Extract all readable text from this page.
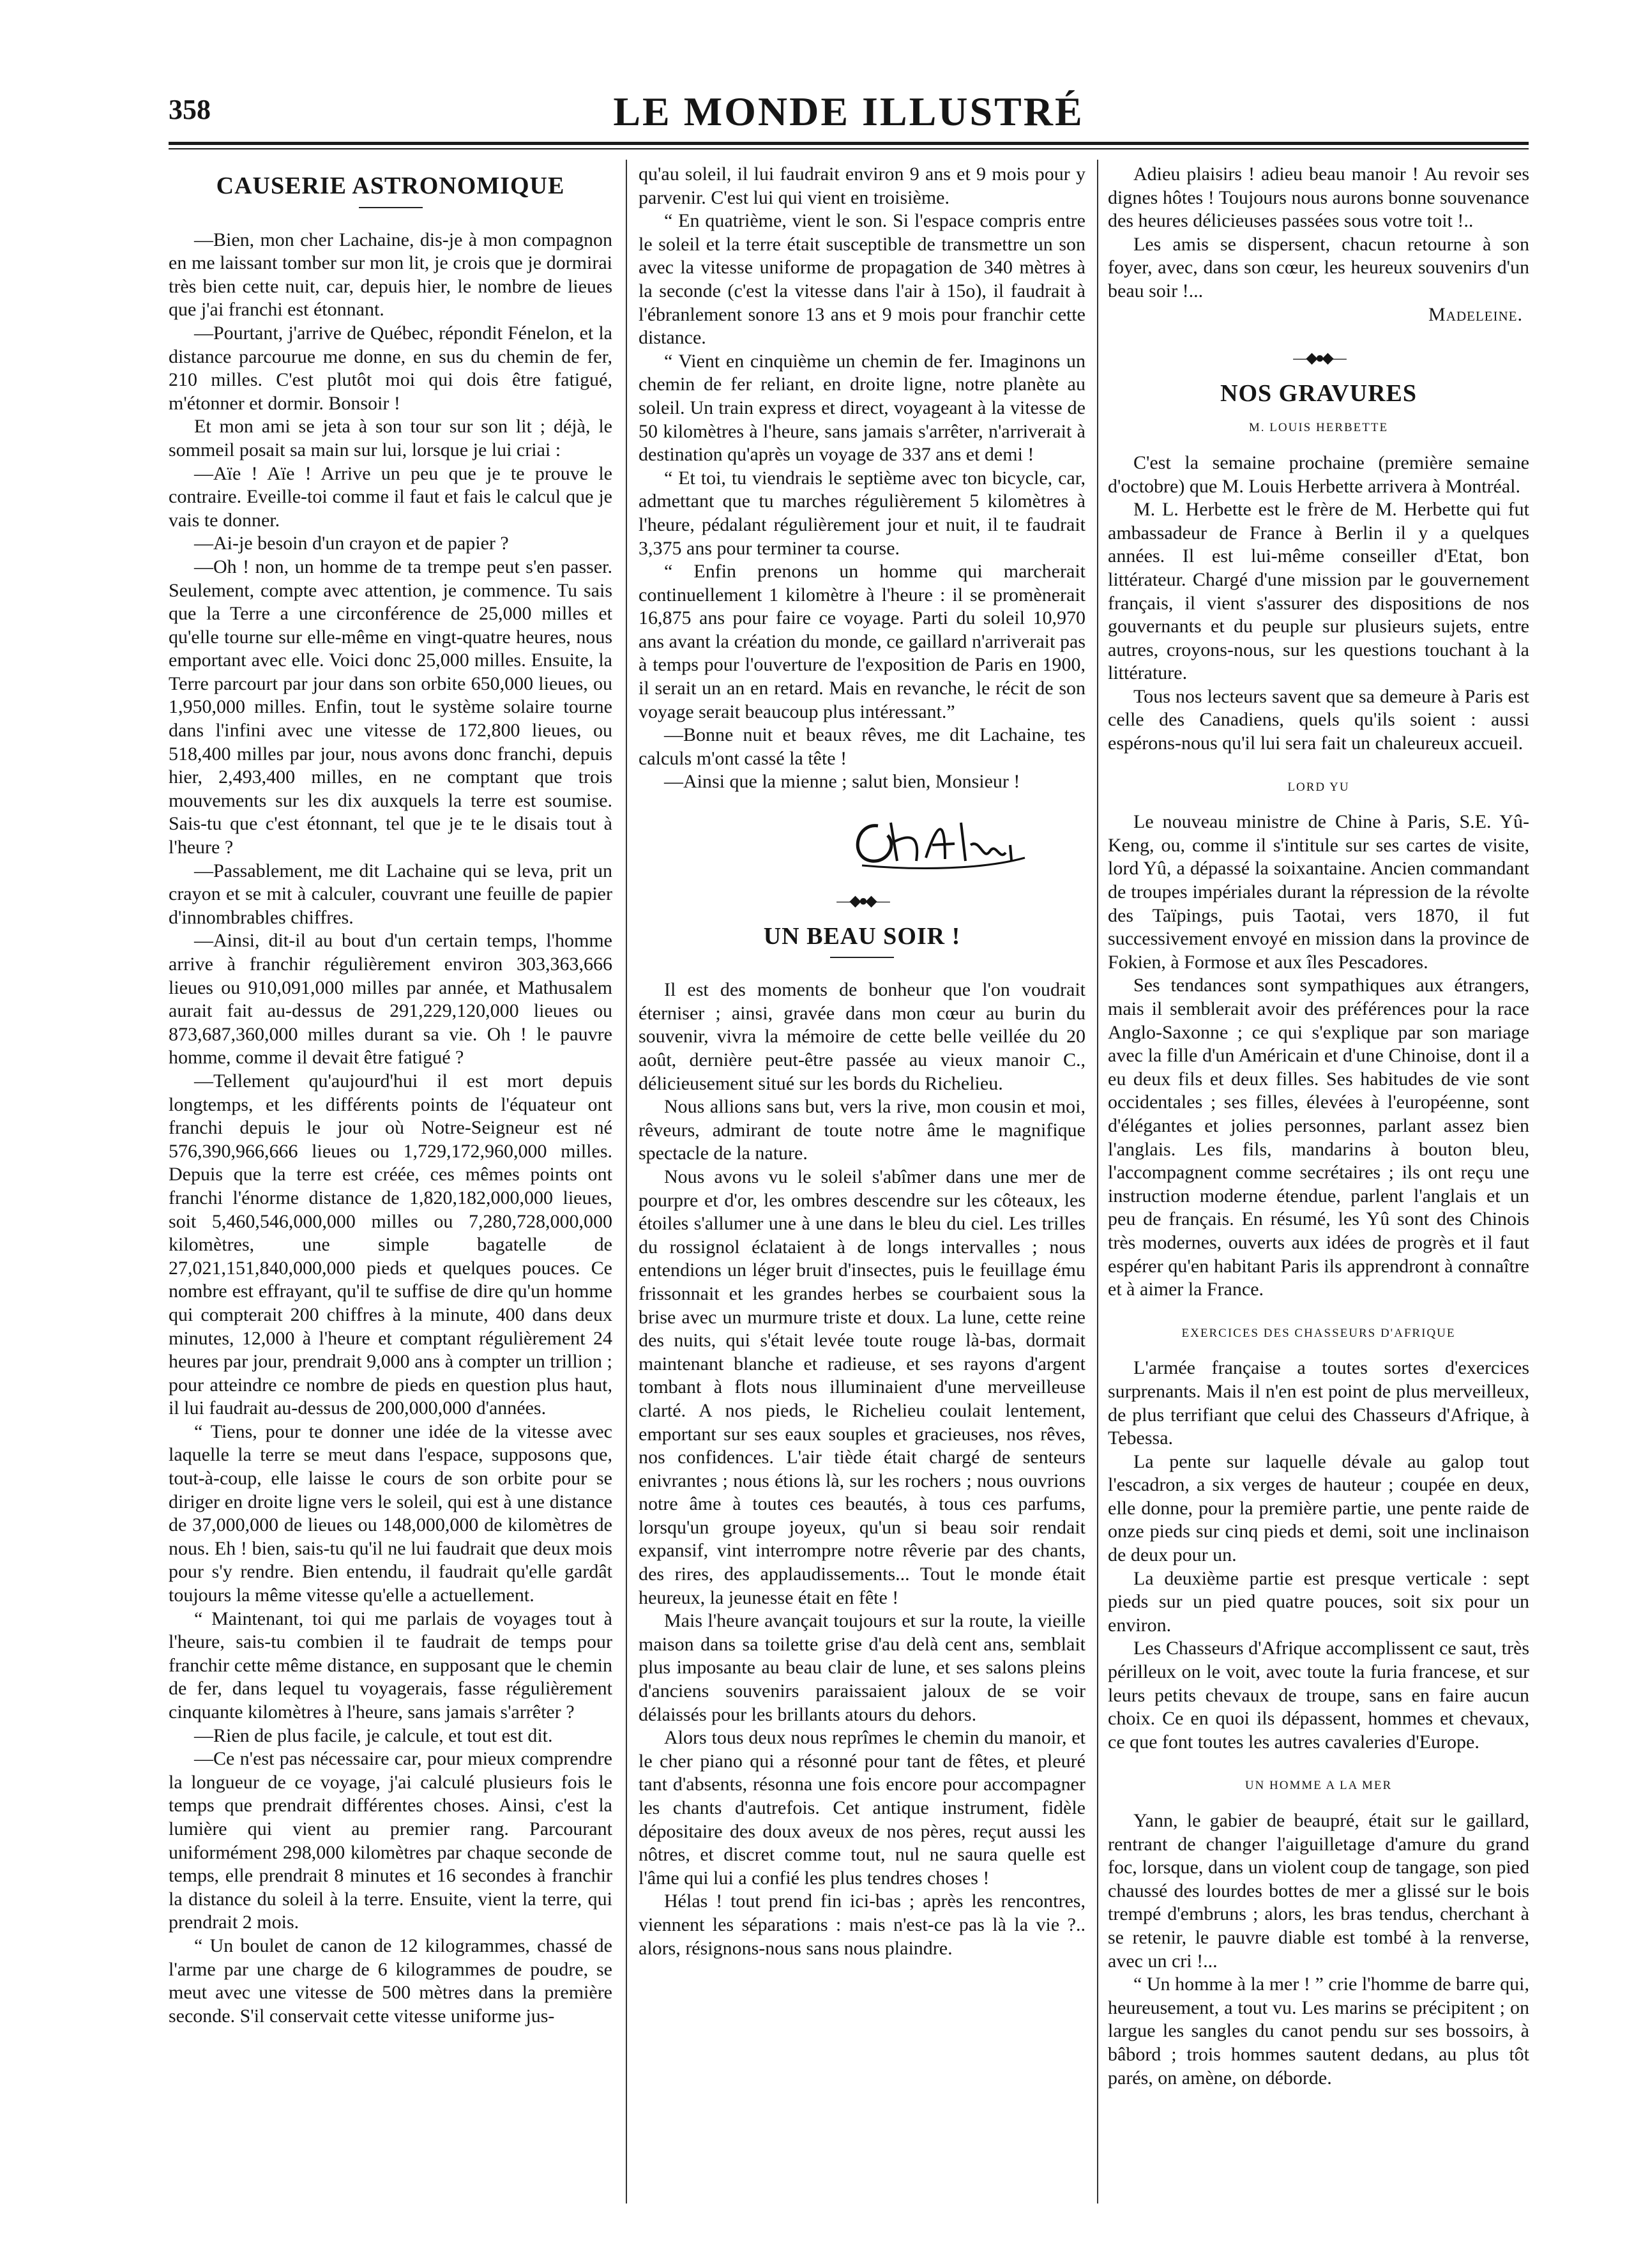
358	LE MONDE ILLUSTRÉ
CAUSERIE ASTRONOMIQUE

—Bien, mon cher Lachaine, dis-je à mon compagnon en me laissant tomber sur mon lit, je crois que je dormirai très bien cette nuit, car, depuis hier, le nombre de lieues que j'ai franchi est étonnant.

—Pourtant, j'arrive de Québec, répondit Fénelon, et la distance parcourue me donne, en sus du chemin de fer, 210 milles. C'est plutôt moi qui dois être fatigué, m'étonner et dormir. Bonsoir !

Et mon ami se jeta à son tour sur son lit ; déjà, le sommeil posait sa main sur lui, lorsque je lui criai :

—Aïe ! Aïe ! Arrive un peu que je te prouve le contraire. Eveille-toi comme il faut et fais le calcul que je vais te donner.

—Ai-je besoin d'un crayon et de papier ?

—Oh ! non, un homme de ta trempe peut s'en passer. Seulement, compte avec attention, je commence. Tu sais que la Terre a une circonférence de 25,000 milles et qu'elle tourne sur elle-même en vingt-quatre heures, nous emportant avec elle. Voici donc 25,000 milles. Ensuite, la Terre parcourt par jour dans son orbite 650,000 lieues, ou 1,950,000 milles. Enfin, tout le système solaire tourne dans l'infini avec une vitesse de 172,800 lieues, ou 518,400 milles par jour, nous avons donc franchi, depuis hier, 2,493,400 milles, en ne comptant que trois mouvements sur les dix auxquels la terre est soumise. Sais-tu que c'est étonnant, tel que je te le disais tout à l'heure ?

—Passablement, me dit Lachaine qui se leva, prit un crayon et se mit à calculer, couvrant une feuille de papier d'innombrables chiffres.

—Ainsi, dit-il au bout d'un certain temps, l'homme arrive à franchir régulièrement environ 303,363,666 lieues ou 910,091,000 milles par année, et Mathusalem aurait fait au-dessus de 291,229,120,000 lieues ou 873,687,360,000 milles durant sa vie. Oh ! le pauvre homme, comme il devait être fatigué ?

—Tellement qu'aujourd'hui il est mort depuis longtemps, et les différents points de l'équateur ont franchi depuis le jour où Notre-Seigneur est né 576,390,966,666 lieues ou 1,729,172,960,000 milles. Depuis que la terre est créée, ces mêmes points ont franchi l'énorme distance de 1,820,182,000,000 lieues, soit 5,460,546,000,000 milles ou 7,280,728,000,000 kilomètres, une simple bagatelle de 27,021,151,840,000,000 pieds et quelques pouces. Ce nombre est effrayant, qu'il te suffise de dire qu'un homme qui compterait 200 chiffres à la minute, 400 dans deux minutes, 12,000 à l'heure et comptant régulièrement 24 heures par jour, prendrait 9,000 ans à compter un trillion ; pour atteindre ce nombre de pieds en question plus haut, il lui faudrait au-dessus de 200,000,000 d'années.

“ Tiens, pour te donner une idée de la vitesse avec laquelle la terre se meut dans l'espace, supposons que, tout-à-coup, elle laisse le cours de son orbite pour se diriger en droite ligne vers le soleil, qui est à une distance de 37,000,000 de lieues ou 148,000,000 de kilomètres de nous. Eh ! bien, sais-tu qu'il ne lui faudrait que deux mois pour s'y rendre. Bien entendu, il faudrait qu'elle gardât toujours la même vitesse qu'elle a actuellement.

“ Maintenant, toi qui me parlais de voyages tout à l'heure, sais-tu combien il te faudrait de temps pour franchir cette même distance, en supposant que le chemin de fer, dans lequel tu voyagerais, fasse régulièrement cinquante kilomètres à l'heure, sans jamais s'arrêter ?

—Rien de plus facile, je calcule, et tout est dit.

—Ce n'est pas nécessaire car, pour mieux comprendre la longueur de ce voyage, j'ai calculé plusieurs fois le temps que prendrait différentes choses. Ainsi, c'est la lumière qui vient au premier rang. Parcourant uniformément 298,000 kilomètres par chaque seconde de temps, elle prendrait 8 minutes et 16 secondes à franchir la distance du soleil à la terre. Ensuite, vient la terre, qui prendrait 2 mois.

“ Un boulet de canon de 12 kilogrammes, chassé de l'arme par une charge de 6 kilogrammes de poudre, se meut avec une vitesse de 500 mètres dans la première seconde. S'il conservait cette vitesse uniforme jus-

qu'au soleil, il lui faudrait environ 9 ans et 9 mois pour y parvenir. C'est lui qui vient en troisième.

“ En quatrième, vient le son. Si l'espace compris entre le soleil et la terre était susceptible de transmettre un son avec la vitesse uniforme de propagation de 340 mètres à la seconde (c'est la vitesse dans l'air à 15o), il faudrait à l'ébranlement sonore 13 ans et 9 mois pour franchir cette distance.

“ Vient en cinquième un chemin de fer. Imaginons un chemin de fer reliant, en droite ligne, notre planète au soleil. Un train express et direct, voyageant à la vitesse de 50 kilomètres à l'heure, sans jamais s'arrêter, n'arriverait à destination qu'après un voyage de 337 ans et demi !

“ Et toi, tu viendrais le septième avec ton bicycle, car, admettant que tu marches régulièrement 5 kilomètres à l'heure, pédalant régulièrement jour et nuit, il te faudrait 3,375 ans pour terminer ta course.

“ Enfin prenons un homme qui marcherait continuellement 1 kilomètre à l'heure : il se promènerait 16,875 ans pour faire ce voyage. Parti du soleil 10,970 ans avant la création du monde, ce gaillard n'arriverait pas à temps pour l'ouverture de l'exposition de Paris en 1900, il serait un an en retard. Mais en revanche, le récit de son voyage serait beaucoup plus intéressant.”

—Bonne nuit et beaux rêves, me dit Lachaine, tes calculs m'ont cassé la tête !

—Ainsi que la mienne ; salut bien, Monsieur !

—◆●◆—
UN BEAU SOIR !

Il est des moments de bonheur que l'on voudrait éterniser ; ainsi, gravée dans mon cœur au burin du souvenir, vivra la mémoire de cette belle veillée du 20 août, dernière peut-être passée au vieux manoir C., délicieusement situé sur les bords du Richelieu.

Nous allions sans but, vers la rive, mon cousin et moi, rêveurs, admirant de toute notre âme le magnifique spectacle de la nature.

Nous avons vu le soleil s'abîmer dans une mer de pourpre et d'or, les ombres descendre sur les côteaux, les étoiles s'allumer une à une dans le bleu du ciel. Les trilles du rossignol éclataient à de longs intervalles ; nous entendions un léger bruit d'insectes, puis le feuillage ému frissonnait et les grandes herbes se courbaient sous la brise avec un murmure triste et doux. La lune, cette reine des nuits, qui s'était levée toute rouge là-bas, dormait maintenant blanche et radieuse, et ses rayons d'argent tombant à flots nous illuminaient d'une merveilleuse clarté. A nos pieds, le Richelieu coulait lentement, emportant sur ses eaux souples et gracieuses, nos rêves, nos confidences. L'air tiède était chargé de senteurs enivrantes ; nous étions là, sur les rochers ; nous ouvrions notre âme à toutes ces beautés, à tous ces parfums, lorsqu'un groupe joyeux, qu'un si beau soir rendait expansif, vint interrompre notre rêverie par des chants, des rires, des applaudissements... Tout le monde était heureux, la jeunesse était en fête !

Mais l'heure avançait toujours et sur la route, la vieille maison dans sa toilette grise d'au delà cent ans, semblait plus imposante au beau clair de lune, et ses salons pleins d'anciens souvenirs paraissaient jaloux de se voir délaissés pour les brillants atours du dehors.

Alors tous deux nous reprîmes le chemin du manoir, et le cher piano qui a résonné pour tant de fêtes, et pleuré tant d'absents, résonna une fois encore pour accompagner les chants d'autrefois. Cet antique instrument, fidèle dépositaire des doux aveux de nos pères, reçut aussi les nôtres, et discret comme tout, nul ne saura quelle est l'âme qui lui a confié les plus tendres choses !

Hélas ! tout prend fin ici-bas ; après les rencontres, viennent les séparations : mais n'est-ce pas là la vie ?.. alors, résignons-nous sans nous plaindre.

Adieu plaisirs ! adieu beau manoir ! Au revoir ses dignes hôtes ! Toujours nous aurons bonne souvenance des heures délicieuses passées sous votre toit !..

Les amis se dispersent, chacun retourne à son foyer, avec, dans son cœur, les heureux souvenirs d'un beau soir !...

Madeleine.
—◆●◆—
NOS GRAVURES
M. LOUIS HERBETTE

C'est la semaine prochaine (première semaine d'octobre) que M. Louis Herbette arrivera à Montréal.

M. L. Herbette est le frère de M. Herbette qui fut ambassadeur de France à Berlin il y a quelques années. Il est lui-même conseiller d'Etat, bon littérateur. Chargé d'une mission par le gouvernement français, il vient s'assurer des dispositions de nos gouvernants et du peuple sur plusieurs sujets, entre autres, croyons-nous, sur les questions touchant à la littérature.

Tous nos lecteurs savent que sa demeure à Paris est celle des Canadiens, quels qu'ils soient : aussi espérons-nous qu'il lui sera fait un chaleureux accueil.

LORD YU

Le nouveau ministre de Chine à Paris, S.E. Yû-Keng, ou, comme il s'intitule sur ses cartes de visite, lord Yû, a dépassé la soixantaine. Ancien commandant de troupes impériales durant la répression de la révolte des Taïpings, puis Taotai, vers 1870, il fut successivement envoyé en mission dans la province de Fokien, à Formose et aux îles Pescadores.

Ses tendances sont sympathiques aux étrangers, mais il semblerait avoir des préférences pour la race Anglo-Saxonne ; ce qui s'explique par son mariage avec la fille d'un Américain et d'une Chinoise, dont il a eu deux fils et deux filles. Ses habitudes de vie sont occidentales ; ses filles, élevées à l'européenne, sont d'élégantes et jolies personnes, parlant assez bien l'anglais. Les fils, mandarins à bouton bleu, l'accompagnent comme secrétaires ; ils ont reçu une instruction moderne étendue, parlent l'anglais et un peu de français. En résumé, les Yû sont des Chinois très modernes, ouverts aux idées de progrès et il faut espérer qu'en habitant Paris ils apprendront à connaître et à aimer la France.

EXERCICES DES CHASSEURS D'AFRIQUE

L'armée française a toutes sortes d'exercices surprenants. Mais il n'en est point de plus merveilleux, de plus terrifiant que celui des Chasseurs d'Afrique, à Tebessa.

La pente sur laquelle dévale au galop tout l'escadron, a six verges de hauteur ; coupée en deux, elle donne, pour la première partie, une pente raide de onze pieds sur cinq pieds et demi, soit une inclinaison de deux pour un.

La deuxième partie est presque verticale : sept pieds sur un pied quatre pouces, soit six pour un environ.

Les Chasseurs d'Afrique accomplissent ce saut, très périlleux on le voit, avec toute la furia francese, et sur leurs petits chevaux de troupe, sans en faire aucun choix. Ce en quoi ils dépassent, hommes et chevaux, ce que font toutes les autres cavaleries d'Europe.

UN HOMME A LA MER

Yann, le gabier de beaupré, était sur le gaillard, rentrant de changer l'aiguilletage d'amure du grand foc, lorsque, dans un violent coup de tangage, son pied chaussé des lourdes bottes de mer a glissé sur le bois trempé d'embruns ; alors, les bras tendus, cherchant à se retenir, le pauvre diable est tombé à la renverse, avec un cri !...

“ Un homme à la mer ! ” crie l'homme de barre qui, heureusement, a tout vu. Les marins se précipitent ; on largue les sangles du canot pendu sur ses bossoirs, à bâbord ; trois hommes sautent dedans, au plus tôt parés, on amène, on déborde.
